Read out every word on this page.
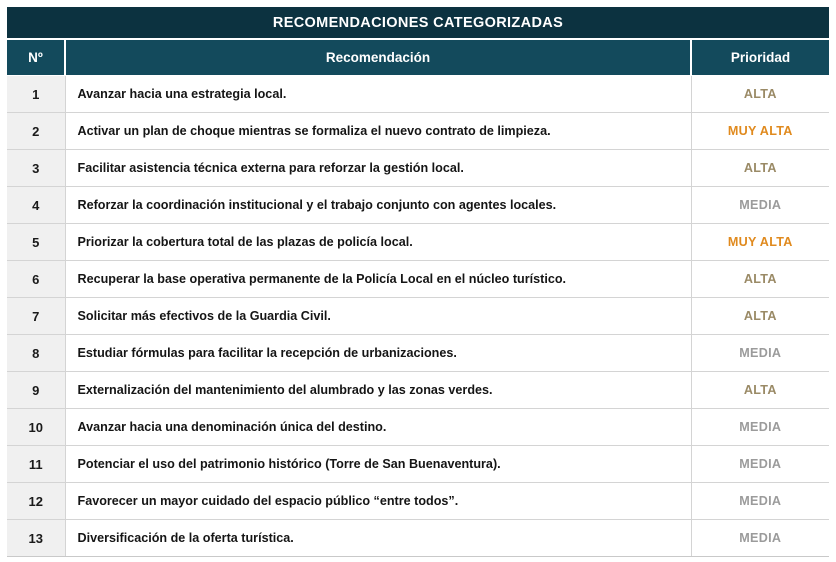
RECOMENDACIONES CATEGORIZADAS		
Nº	Recomendación	Prioridad
1	Avanzar hacia una estrategia local.	ALTA
2	Activar un plan de choque mientras se formaliza el nuevo contrato de limpieza.	MUY ALTA
3	Facilitar asistencia técnica externa para reforzar la gestión local.	ALTA
4	Reforzar la coordinación institucional y el trabajo conjunto con agentes locales.	MEDIA
5	Priorizar la cobertura total de las plazas de policía local.	MUY ALTA
6	Recuperar la base operativa permanente de la Policía Local en el núcleo turístico.	ALTA
7	Solicitar más efectivos de la Guardia Civil.	ALTA
8	Estudiar fórmulas para facilitar la recepción de urbanizaciones.	MEDIA
9	Externalización del mantenimiento del alumbrado y las zonas verdes.	ALTA
10	Avanzar hacia una denominación única del destino.	MEDIA
11	Potenciar el uso del patrimonio histórico (Torre de San Buenaventura).	MEDIA
12	Favorecer un mayor cuidado del espacio público “entre todos”.	MEDIA
13	Diversificación de la oferta turística.	MEDIA
